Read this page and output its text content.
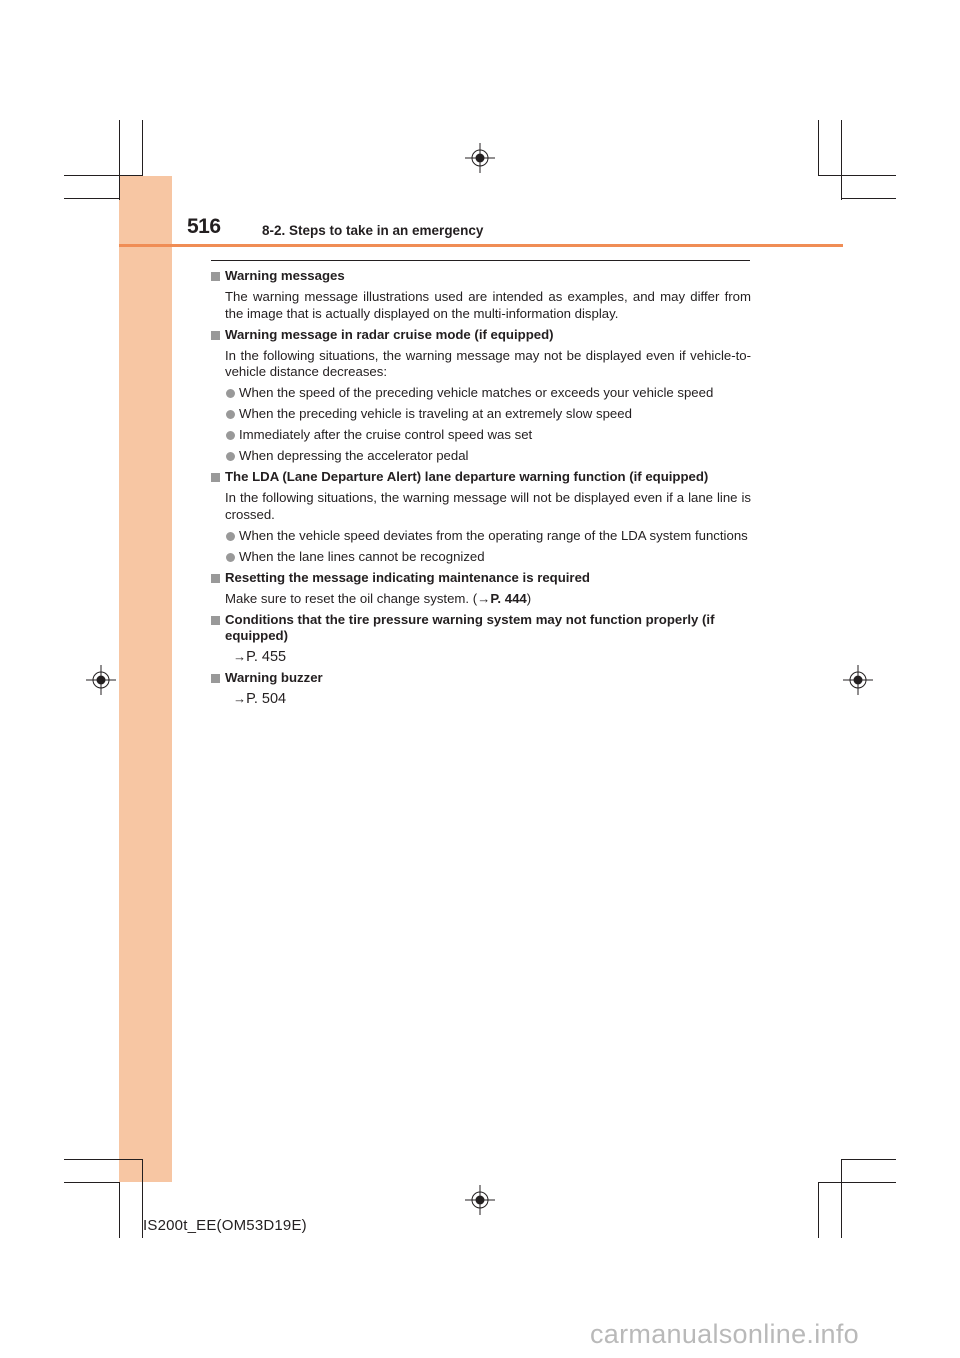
516	8-2. Steps to take in an emergency
Warning messages
The warning message illustrations used are intended as examples, and may differ from the image that is actually displayed on the multi-information display.
Warning message in radar cruise mode (if equipped)
In the following situations, the warning message may not be displayed even if vehicle-to-vehicle distance decreases:
When the speed of the preceding vehicle matches or exceeds your vehicle speed
When the preceding vehicle is traveling at an extremely slow speed
Immediately after the cruise control speed was set
When depressing the accelerator pedal
The LDA (Lane Departure Alert) lane departure warning function (if equipped)
In the following situations, the warning message will not be displayed even if a lane line is crossed.
When the vehicle speed deviates from the operating range of the LDA system functions
When the lane lines cannot be recognized
Resetting the message indicating maintenance is required
Make sure to reset the oil change system. (→P. 444)
Conditions that the tire pressure warning system may not function properly (if equipped)
→P. 455
Warning buzzer
→P. 504
IS200t_EE(OM53D19E)
carmanualsonline.info
